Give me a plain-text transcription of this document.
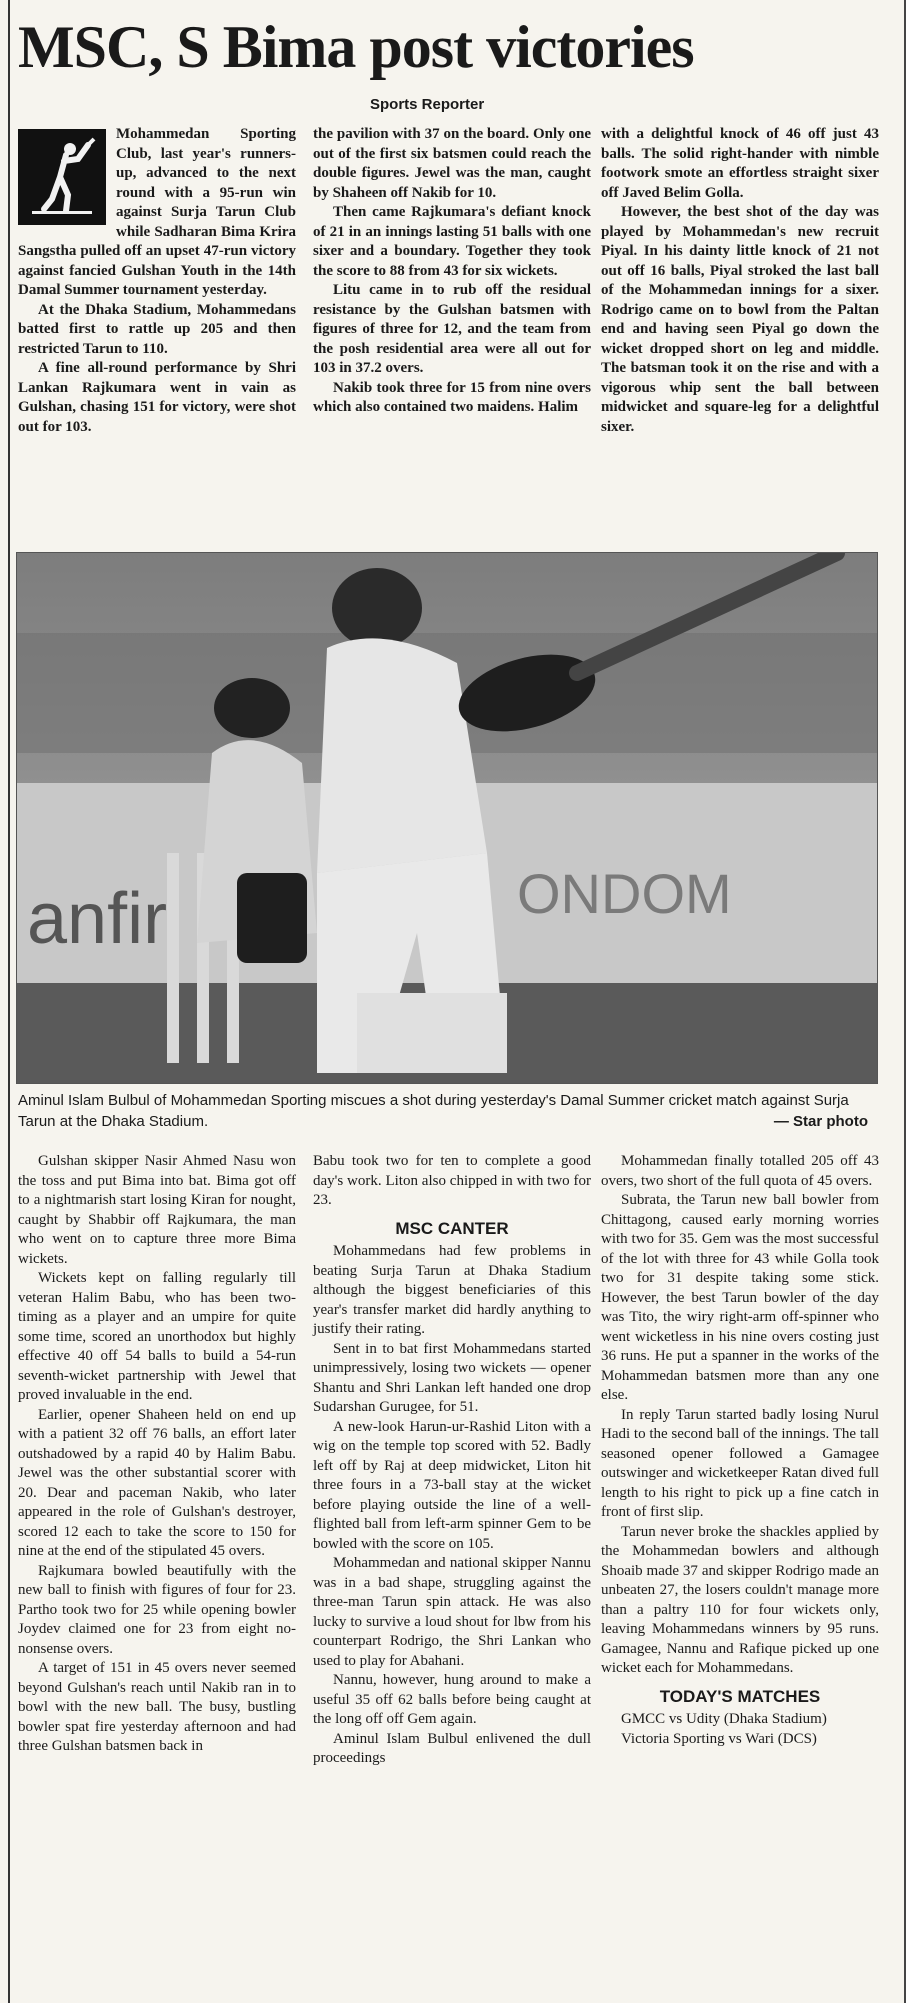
MSC, S Bima post victories
Sports Reporter

Mohammedan Sporting Club, last year's runners-up, advanced to the next round with a 95-run win against Surja Tarun Club while Sadharan Bima Krira Sangstha pulled off an upset 47-run victory against fancied Gulshan Youth in the 14th Damal Summer tournament yesterday.

At the Dhaka Stadium, Mohammedans batted first to rattle up 205 and then restricted Tarun to 110.

A fine all-round performance by Shri Lankan Rajkumara went in vain as Gulshan, chasing 151 for victory, were shot out for 103.

the pavilion with 37 on the board. Only one out of the first six batsmen could reach the double figures. Jewel was the man, caught by Shaheen off Nakib for 10.

Then came Rajkumara's defiant knock of 21 in an innings lasting 51 balls with one sixer and a boundary. Together they took the score to 88 from 43 for six wickets.

Litu came in to rub off the residual resistance by the Gulshan batsmen with figures of three for 12, and the team from the posh residential area were all out for 103 in 37.2 overs.

Nakib took three for 15 from nine overs which also contained two maidens. Halim

with a delightful knock of 46 off just 43 balls. The solid right-hander with nimble footwork smote an effortless straight sixer off Javed Belim Golla.

However, the best shot of the day was played by Mohammedan's new recruit Piyal. In his dainty little knock of 21 not out off 16 balls, Piyal stroked the last ball of the Mohammedan innings for a sixer. Rodrigo came on to bowl from the Paltan end and having seen Piyal go down the wicket dropped short on leg and middle. The batsman took it on the rise and with a vigorous whip sent the ball between midwicket and square-leg for a delightful sixer.

anfir	ONDOM
Aminul Islam Bulbul of Mohammedan Sporting miscues a shot during yesterday's Damal Summer cricket match against Surja Tarun at the Dhaka Stadium.	— Star photo

Gulshan skipper Nasir Ahmed Nasu won the toss and put Bima into bat. Bima got off to a nightmarish start losing Kiran for nought, caught by Shabbir off Rajkumara, the man who went on to capture three more Bima wickets.

Wickets kept on falling regularly till veteran Halim Babu, who has been two-timing as a player and an umpire for quite some time, scored an unorthodox but highly effective 40 off 54 balls to build a 54-run seventh-wicket partnership with Jewel that proved invaluable in the end.

Earlier, opener Shaheen held on end up with a patient 32 off 76 balls, an effort later outshadowed by a rapid 40 by Halim Babu. Jewel was the other substantial scorer with 20. Dear and paceman Nakib, who later appeared in the role of Gulshan's destroyer, scored 12 each to take the score to 150 for nine at the end of the stipulated 45 overs.

Rajkumara bowled beautifully with the new ball to finish with figures of four for 23. Partho took two for 25 while opening bowler Joydev claimed one for 23 from eight no-nonsense overs.

A target of 151 in 45 overs never seemed beyond Gulshan's reach until Nakib ran in to bowl with the new ball. The busy, bustling bowler spat fire yesterday afternoon and had three Gulshan batsmen back in

Babu took two for ten to complete a good day's work. Liton also chipped in with two for 23.

MSC CANTER

Mohammedans had few problems in beating Surja Tarun at Dhaka Stadium although the biggest beneficiaries of this year's transfer market did hardly anything to justify their rating.

Sent in to bat first Mohammedans started unimpressively, losing two wickets — opener Shantu and Shri Lankan left handed one drop Sudarshan Gurugee, for 51.

A new-look Harun-ur-Rashid Liton with a wig on the temple top scored with 52. Badly left off by Raj at deep midwicket, Liton hit three fours in a 73-ball stay at the wicket before playing outside the line of a well-flighted ball from left-arm spinner Gem to be bowled with the score on 105.

Mohammedan and national skipper Nannu was in a bad shape, struggling against the three-man Tarun spin attack. He was also lucky to survive a loud shout for lbw from his counterpart Rodrigo, the Shri Lankan who used to play for Abahani.

Nannu, however, hung around to make a useful 35 off 62 balls before being caught at the long off off Gem again.

Aminul Islam Bulbul enlivened the dull proceedings

Mohammedan finally totalled 205 off 43 overs, two short of the full quota of 45 overs.

Subrata, the Tarun new ball bowler from Chittagong, caused early morning worries with two for 35. Gem was the most successful of the lot with three for 43 while Golla took two for 31 despite taking some stick. However, the best Tarun bowler of the day was Tito, the wiry right-arm off-spinner who went wicketless in his nine overs costing just 36 runs. He put a spanner in the works of the Mohammedan batsmen more than any one else.

In reply Tarun started badly losing Nurul Hadi to the second ball of the innings. The tall seasoned opener followed a Gamagee outswinger and wicketkeeper Ratan dived full length to his right to pick up a fine catch in front of first slip.

Tarun never broke the shackles applied by the Mohammedan bowlers and although Shoaib made 37 and skipper Rodrigo made an unbeaten 27, the losers couldn't manage more than a paltry 110 for four wickets only, leaving Mohammedans winners by 95 runs. Gamagee, Nannu and Rafique picked up one wicket each for Mohammedans.

TODAY'S MATCHES

GMCC vs Udity (Dhaka Stadium)

Victoria Sporting vs Wari (DCS)
